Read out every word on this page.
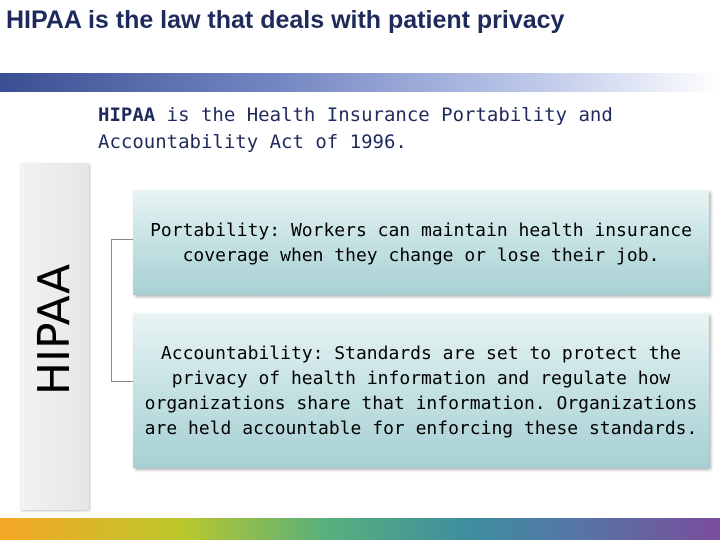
HIPAA is the law that deals with patient privacy
HIPAA is the Health Insurance Portability and Accountability Act of 1996.
HIPAA
Portability: Workers can maintain health insurance coverage when they change or lose their job.
Accountability: Standards are set to protect the privacy of health information and regulate how organizations share that information. Organizations are held accountable for enforcing these standards.
